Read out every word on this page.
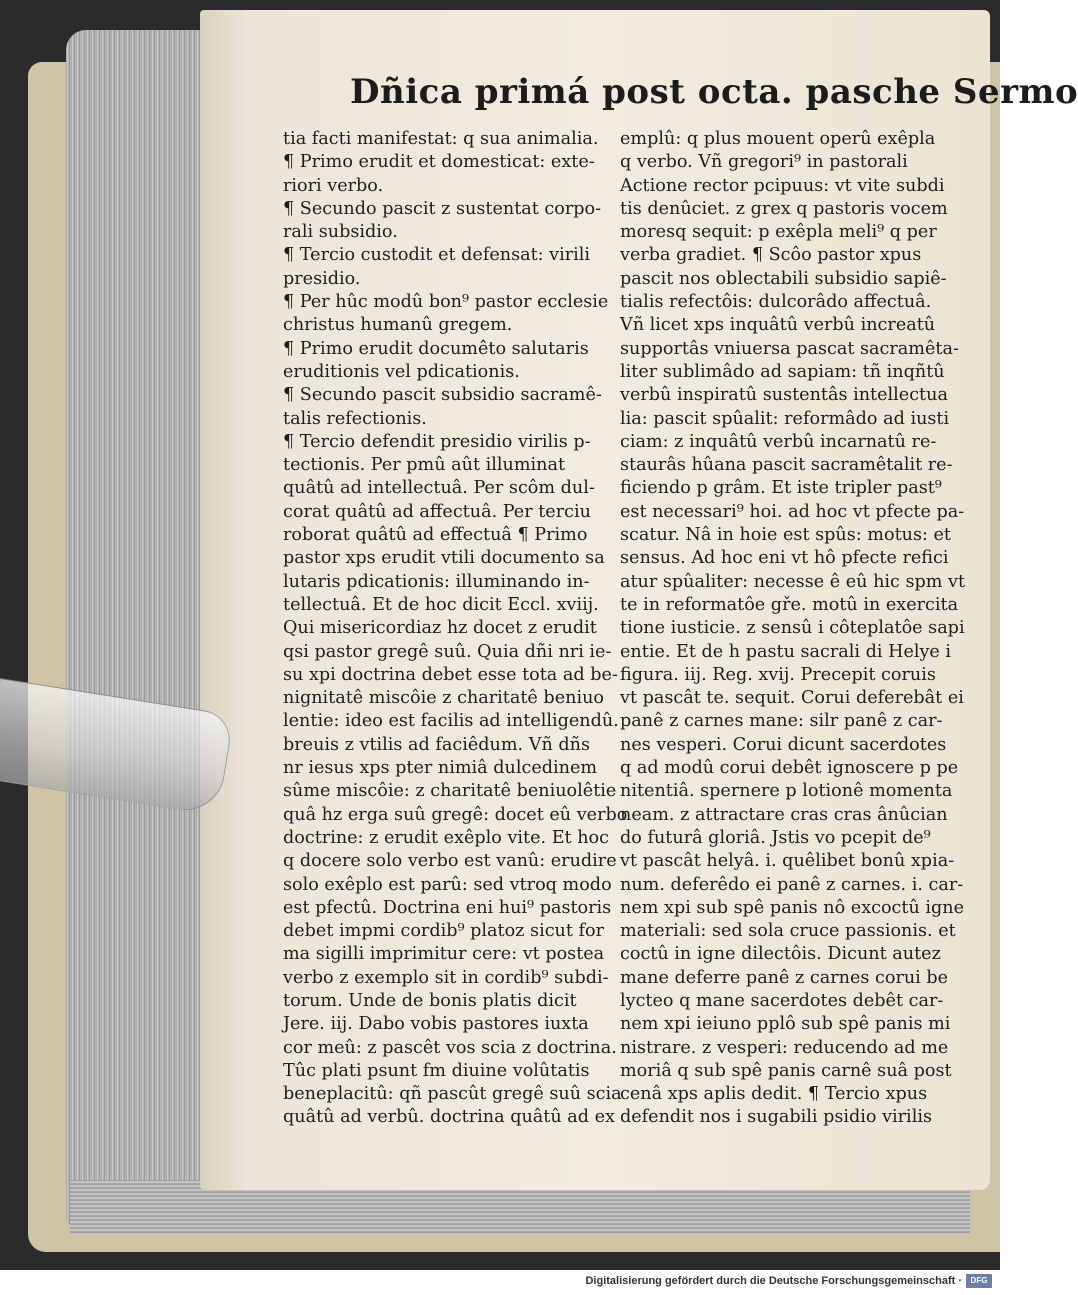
Dñica primá post octa. pasche Sermo
tia facti manifestat: q sua animalia.
¶ Primo erudit et domesticat: exte-
riori verbo.
¶ Secundo pascit z sustentat corpo-
rali subsidio.
¶ Tercio custodit et defensat: virili
presidio.
¶ Per hûc modû bon⁹ pastor ecclesie
christus humanû gregem.
¶ Primo erudit documêto salutaris
eruditionis vel pdicationis.
¶ Secundo pascit subsidio sacramê-
talis refectionis.
¶ Tercio defendit presidio virilis p-
tectionis. Per pmû aût illuminat
quâtû ad intellectuâ. Per scôm dul-
corat quâtû ad affectuâ. Per terciu
roborat quâtû ad effectuâ ¶ Primo
pastor xps erudit vtili documento sa
lutaris pdicationis: illuminando in-
tellectuâ. Et de hoc dicit Eccl. xviij.
Qui misericordiaz hz docet z erudit
qsi pastor gregê suû. Quia dñi nri ie-
su xpi doctrina debet esse tota ad be-
nignitatê miscôie z charitatê beniuo
lentie: ideo est facilis ad intelligendû.
breuis z vtilis ad faciêdum. Vñ dñs
nr iesus xps pter nimiâ dulcedinem
sûme miscôie: z charitatê beniuolêtie
quâ hz erga suû gregê: docet eû verbo
doctrine: z erudit exêplo vite. Et hoc
q docere solo verbo est vanû: erudire
solo exêplo est parû: sed vtroq modo
est pfectû. Doctrina eni hui⁹ pastoris
debet impmi cordib⁹ platoz sicut for
ma sigilli imprimitur cere: vt postea
verbo z exemplo sit in cordib⁹ subdi-
torum. Unde de bonis platis dicit
Jere. iij. Dabo vobis pastores iuxta
cor meû: z pascêt vos scia z doctrina.
Tûc plati psunt fm diuine volûtatis
beneplacitû: qñ pascût gregê suû scia
quâtû ad verbû. doctrina quâtû ad ex
emplû: q plus mouent operû exêpla
q verbo. Vñ gregori⁹ in pastorali
Actione rector pcipuus: vt vite subdi
tis denûciet. z grex q pastoris vocem
moresq sequit: p exêpla meli⁹ q per
verba gradiet. ¶ Scôo pastor xpus
pascit nos oblectabili subsidio sapiê-
tialis refectôis: dulcorâdo affectuâ.
Vñ licet xps inquâtû verbû increatû
supportâs vniuersa pascat sacramêta-
liter sublimâdo ad sapiam: tñ inqñtû
verbû inspiratû sustentâs intellectua
lia: pascit spûalit: reformâdo ad iusti
ciam: z inquâtû verbû incarnatû re-
staurâs hûana pascit sacramêtalit re-
ficiendo p grâm. Et iste tripler past⁹
est necessari⁹ hoi. ad hoc vt pfecte pa-
scatur. Nâ in hoie est spûs: motus: et
sensus. Ad hoc eni vt hô pfecte refici
atur spûaliter: necesse ê eû hic spm vt
te in reformatôe gře. motû in exercita
tione iusticie. z sensû i côteplatôe sapi
entie. Et de h pastu sacrali di Helye i
figura. iij. Reg. xvij. Precepit coruis
vt pascât te. sequit. Corui deferebât ei
panê z carnes mane: silr panê z car-
nes vesperi. Corui dicunt sacerdotes
q ad modû corui debêt ignoscere p pe
nitentiâ. spernere p lotionê momenta
neam. z attractare cras cras ânûcian
do futurâ gloriâ. Jstis vo pcepit de⁹
vt pascât helyâ. i. quêlibet bonû xpia-
num. deferêdo ei panê z carnes. i. car-
nem xpi sub spê panis nô excoctû igne
materiali: sed sola cruce passionis. et
coctû in igne dilectôis. Dicunt autez
mane deferre panê z carnes corui be
lycteo q mane sacerdotes debêt car-
nem xpi ieiuno pplô sub spê panis mi
nistrare. z vesperi: reducendo ad me
moriâ q sub spê panis carnê suâ post
cenâ xps aplis dedit. ¶ Tercio xpus
defendit nos i sugabili psidio virilis
Digitalisierung gefördert durch die Deutsche Forschungsgemeinschaft ·	DFG
